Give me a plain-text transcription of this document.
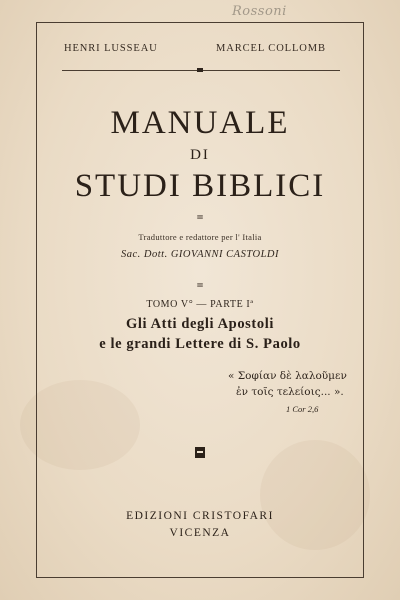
Rossoni
HENRI LUSSEAU	MARCEL COLLOMB
MANUALE
DI
STUDI BIBLICI
=
Traduttore e redattore per l' Italia
Sac. Dott. GIOVANNI CASTOLDI
=
TOMO V° — PARTE Iª
Gli Atti degli Apostoli
e le grandi Lettere di S. Paolo
« Σοφίαν δὲ λαλοῦμεν
ἐν τοῖς τελείοις... ».
1 Cor 2,6
EDIZIONI CRISTOFARI
VICENZA
